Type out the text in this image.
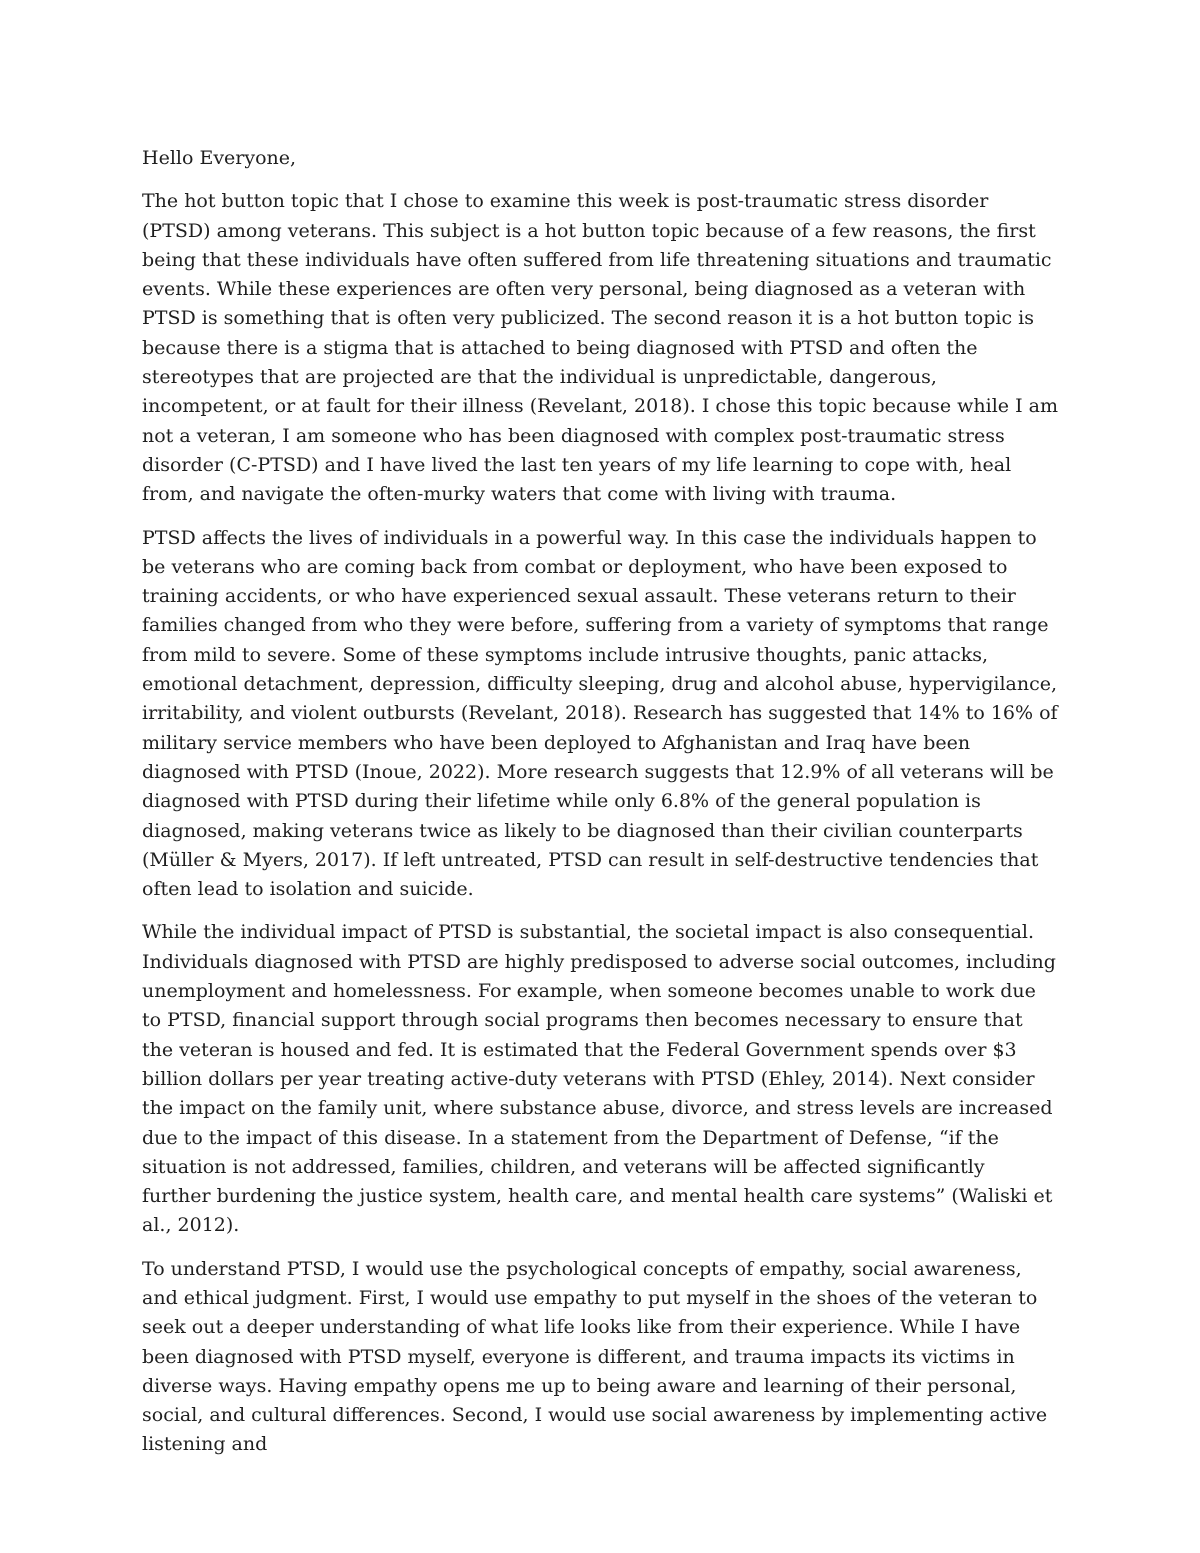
Hello Everyone,

The hot button topic that I chose to examine this week is post-traumatic stress disorder (PTSD) among veterans. This subject is a hot button topic because of a few reasons, the first being that these individuals have often suffered from life threatening situations and traumatic events. While these experiences are often very personal, being diagnosed as a veteran with PTSD is something that is often very publicized. The second reason it is a hot button topic is because there is a stigma that is attached to being diagnosed with PTSD and often the stereotypes that are projected are that the individual is unpredictable, dangerous, incompetent, or at fault for their illness (Revelant, 2018). I chose this topic because while I am not a veteran, I am someone who has been diagnosed with complex post-traumatic stress disorder (C-PTSD) and I have lived the last ten years of my life learning to cope with, heal from, and navigate the often-murky waters that come with living with trauma.

PTSD affects the lives of individuals in a powerful way. In this case the individuals happen to be veterans who are coming back from combat or deployment, who have been exposed to training accidents, or who have experienced sexual assault. These veterans return to their families changed from who they were before, suffering from a variety of symptoms that range from mild to severe. Some of these symptoms include intrusive thoughts, panic attacks, emotional detachment, depression, difficulty sleeping, drug and alcohol abuse, hypervigilance, irritability, and violent outbursts (Revelant, 2018). Research has suggested that 14% to 16% of military service members who have been deployed to Afghanistan and Iraq have been diagnosed with PTSD (Inoue, 2022). More research suggests that 12.9% of all veterans will be diagnosed with PTSD during their lifetime while only 6.8% of the general population is diagnosed, making veterans twice as likely to be diagnosed than their civilian counterparts (Müller & Myers, 2017). If left untreated, PTSD can result in self-destructive tendencies that often lead to isolation and suicide.

While the individual impact of PTSD is substantial, the societal impact is also consequential. Individuals diagnosed with PTSD are highly predisposed to adverse social outcomes, including unemployment and homelessness. For example, when someone becomes unable to work due to PTSD, financial support through social programs then becomes necessary to ensure that the veteran is housed and fed. It is estimated that the Federal Government spends over $3 billion dollars per year treating active-duty veterans with PTSD (Ehley, 2014). Next consider the impact on the family unit, where substance abuse, divorce, and stress levels are increased due to the impact of this disease. In a statement from the Department of Defense, “if the situation is not addressed, families, children, and veterans will be affected significantly further burdening the justice system, health care, and mental health care systems” (Waliski et al., 2012).

To understand PTSD, I would use the psychological concepts of empathy, social awareness, and ethical judgment. First, I would use empathy to put myself in the shoes of the veteran to seek out a deeper understanding of what life looks like from their experience. While I have been diagnosed with PTSD myself, everyone is different, and trauma impacts its victims in diverse ways. Having empathy opens me up to being aware and learning of their personal, social, and cultural differences. Second, I would use social awareness by implementing active listening and
